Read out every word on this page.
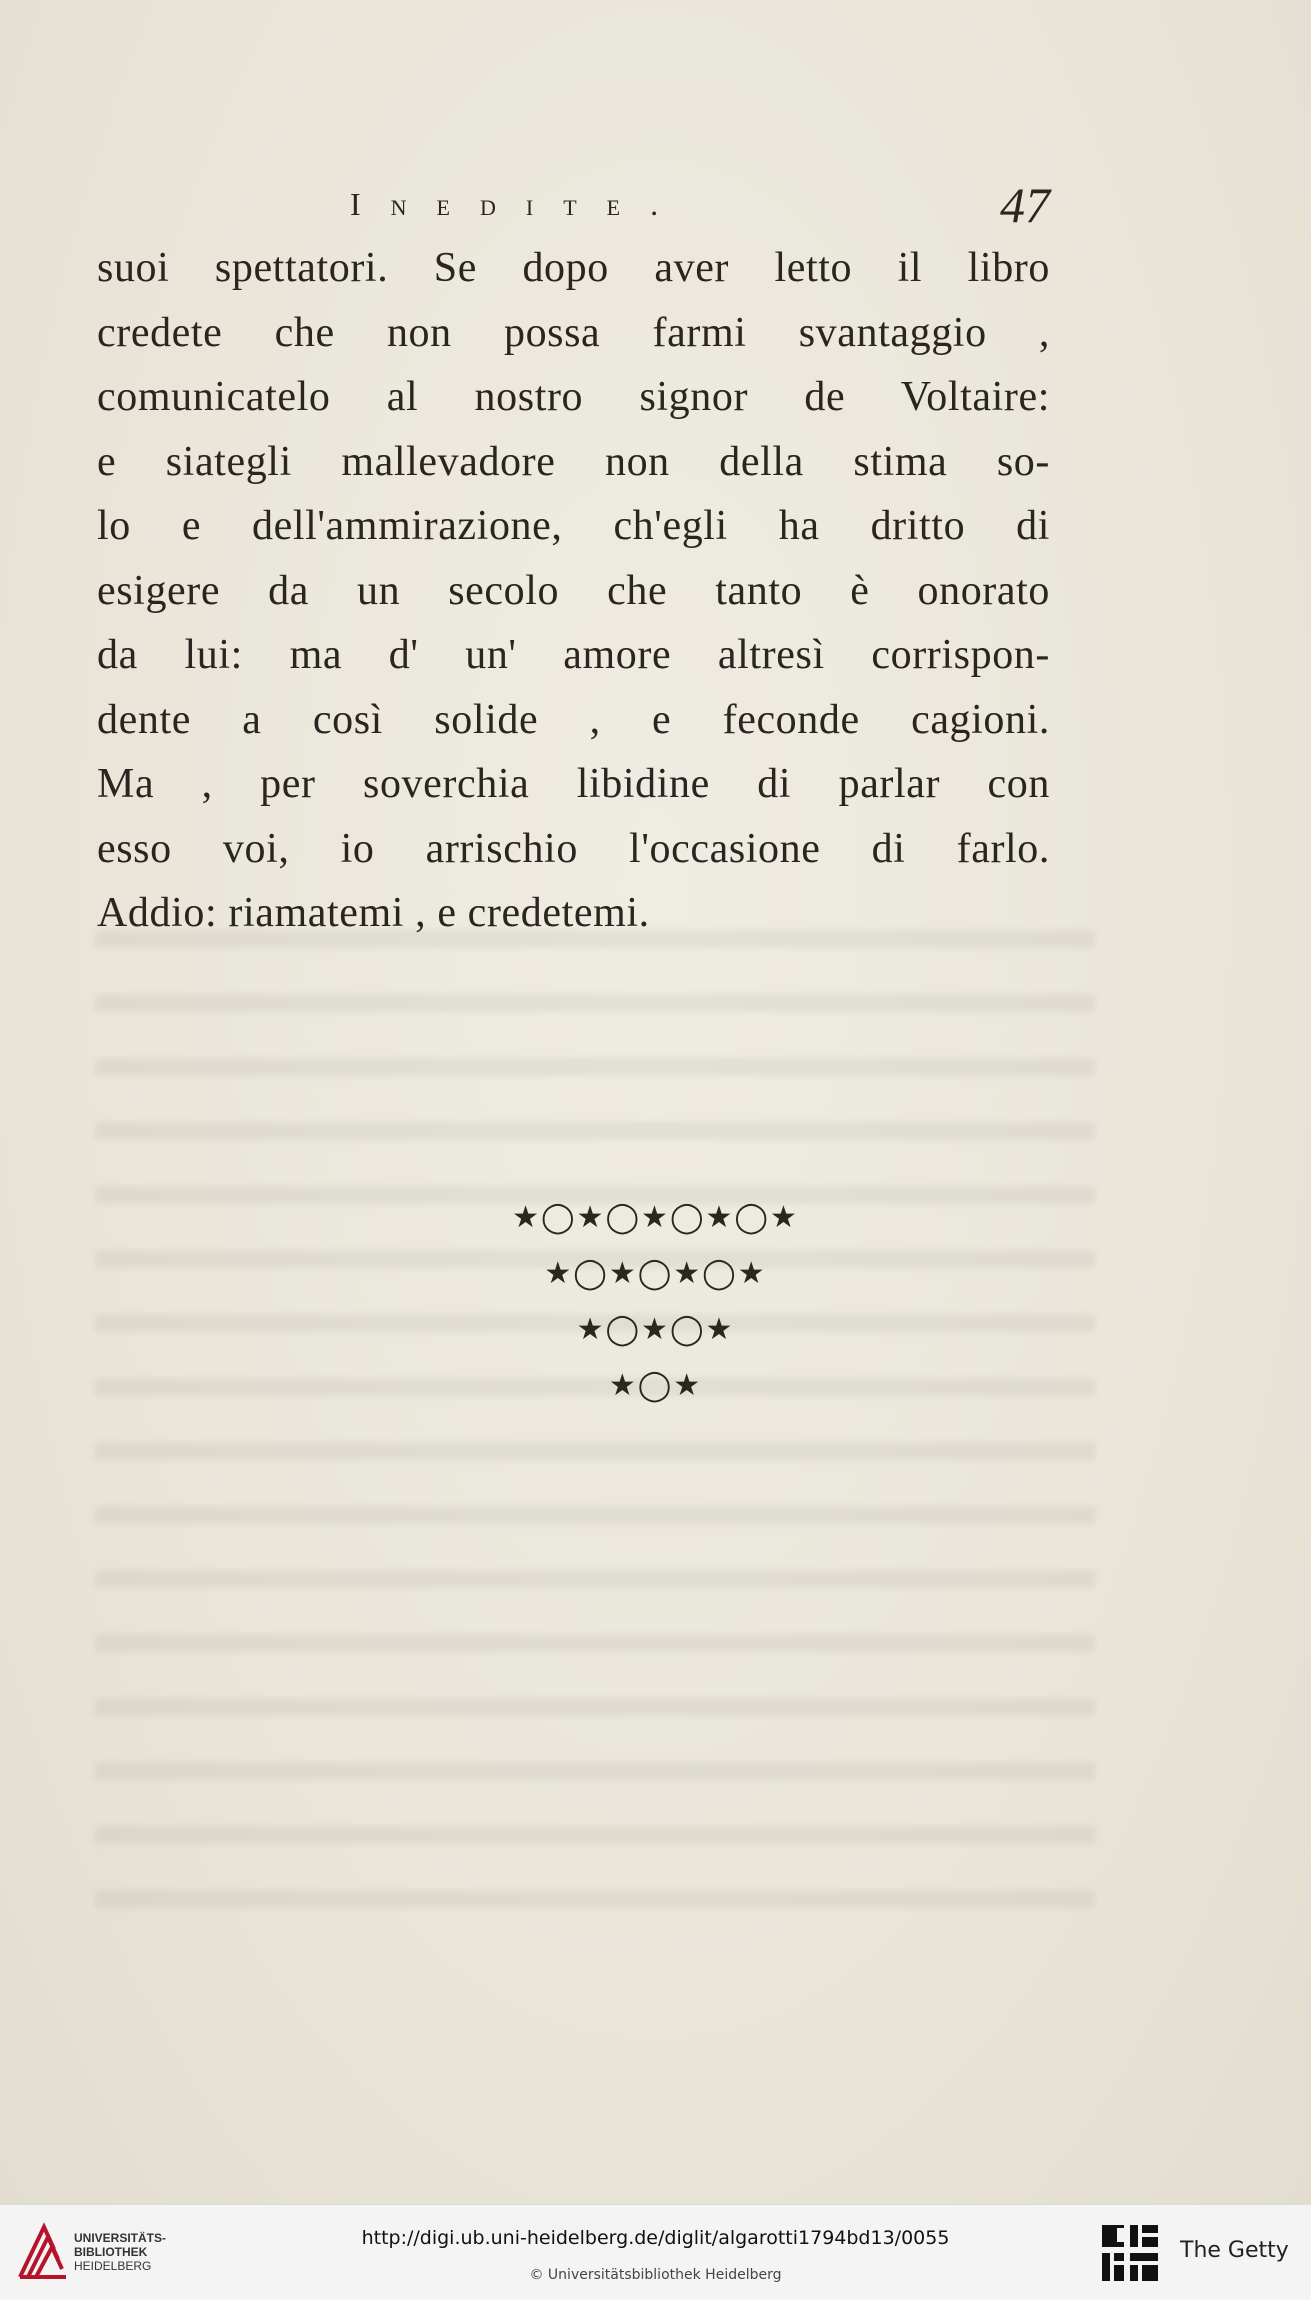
Inedite.	47
suoi spettatori. Se dopo aver letto il libro
credete che non possa farmi svantaggio ,
comunicatelo al nostro signor de Voltaire:
e siategli mallevadore non della stima so-
lo e dell'ammirazione, ch'egli ha dritto di
esigere da un secolo che tanto è onorato
da lui: ma d' un' amore altresì corrispon-
dente a così solide , e feconde cagioni.
Ma , per soverchia libidine di parlar con
esso voi, io arrischio l'occasione di farlo.
Addio: riamatemi , e credetemi.
★◯★◯★◯★◯★
★◯★◯★◯★
★◯★◯★
★◯★
UNIVERSITÄTS-
BIBLIOTHEK
HEIDELBERG
http://digi.ub.uni-heidelberg.de/diglit/algarotti1794bd13/0055
© Universitätsbibliothek Heidelberg
The Getty
